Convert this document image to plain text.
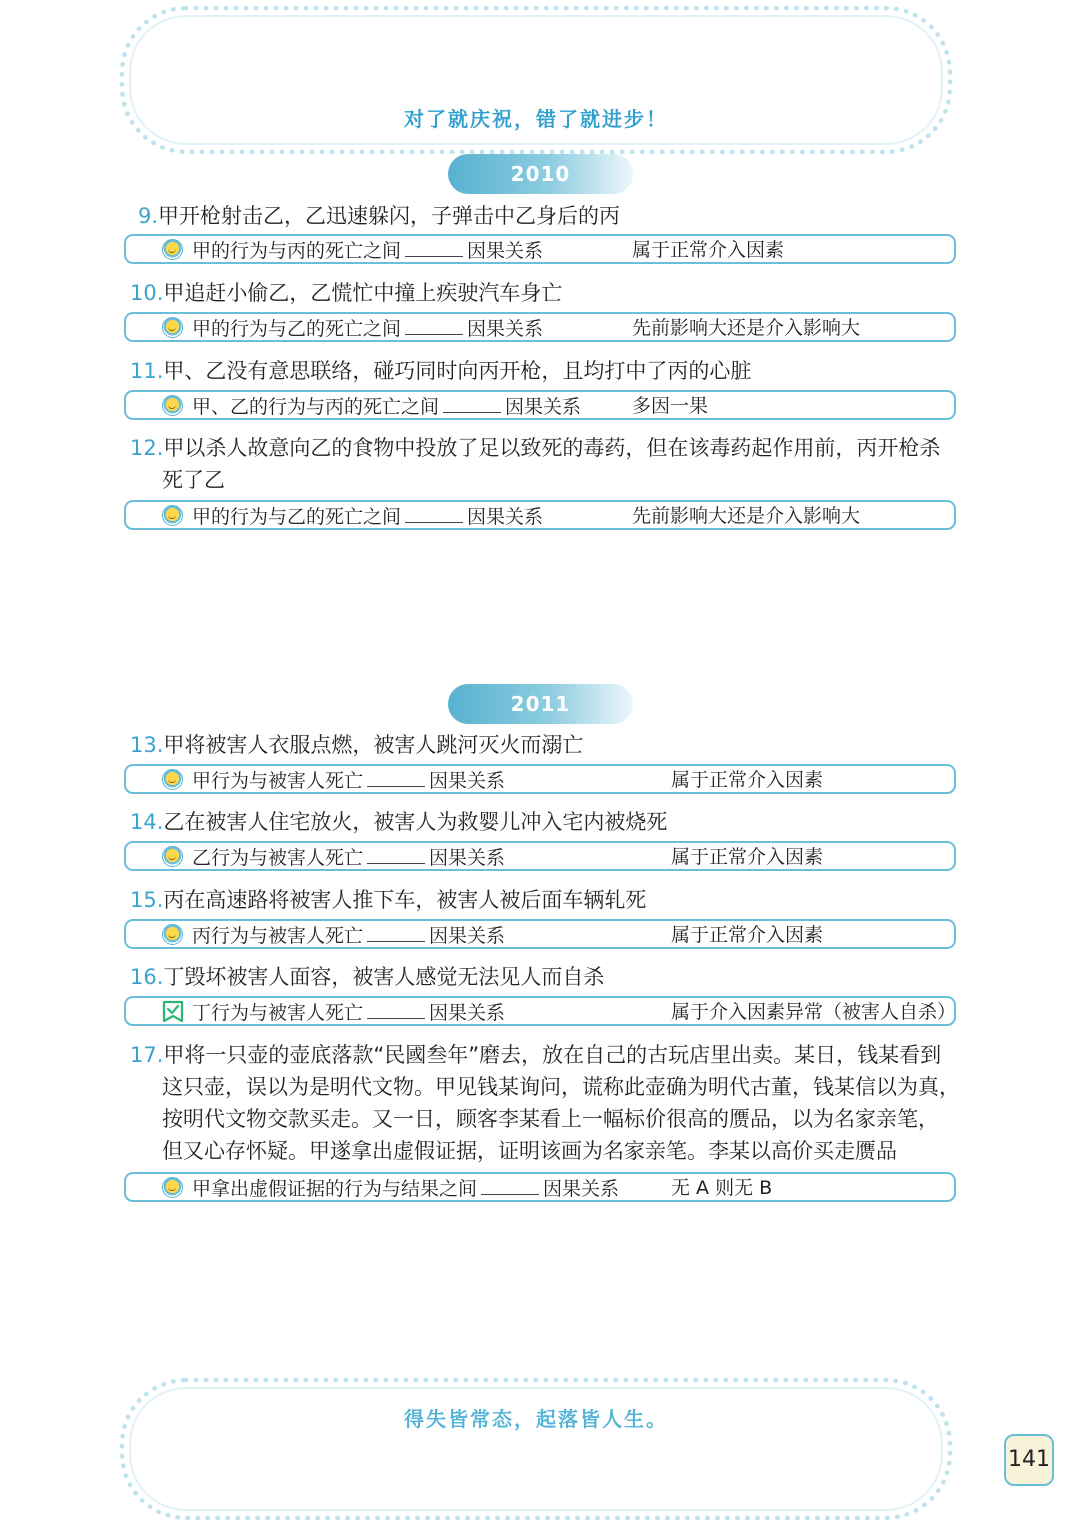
对了就庆祝，错了就进步！
2010
9.甲开枪射击乙，乙迅速躲闪，子弹击中乙身后的丙
甲的行为与丙的死亡之间	因果关系	属于正常介入因素
10.甲追赶小偷乙，乙慌忙中撞上疾驶汽车身亡
甲的行为与乙的死亡之间	因果关系	先前影响大还是介入影响大
11.甲、乙没有意思联络，碰巧同时向丙开枪，且均打中了丙的心脏
甲、乙的行为与丙的死亡之间	因果关系	多因一果
12.甲以杀人故意向乙的食物中投放了足以致死的毒药，但在该毒药起作用前，丙开枪杀
死了乙
甲的行为与乙的死亡之间	因果关系	先前影响大还是介入影响大
2011
13.甲将被害人衣服点燃，被害人跳河灭火而溺亡
甲行为与被害人死亡	因果关系	属于正常介入因素
14.乙在被害人住宅放火，被害人为救婴儿冲入宅内被烧死
乙行为与被害人死亡	因果关系	属于正常介入因素
15.丙在高速路将被害人推下车，被害人被后面车辆轧死
丙行为与被害人死亡	因果关系	属于正常介入因素
16.丁毁坏被害人面容，被害人感觉无法见人而自杀
丁行为与被害人死亡	因果关系	属于介入因素异常（被害人自杀）
17.甲将一只壶的壶底落款“民國叁年”磨去，放在自己的古玩店里出卖。某日，钱某看到
这只壶，误以为是明代文物。甲见钱某询问，谎称此壶确为明代古董，钱某信以为真，
按明代文物交款买走。又一日，顾客李某看上一幅标价很高的赝品，以为名家亲笔，
但又心存怀疑。甲遂拿出虚假证据，证明该画为名家亲笔。李某以高价买走赝品
甲拿出虚假证据的行为与结果之间	因果关系	无 A 则无 B
得失皆常态，起落皆人生。
141
